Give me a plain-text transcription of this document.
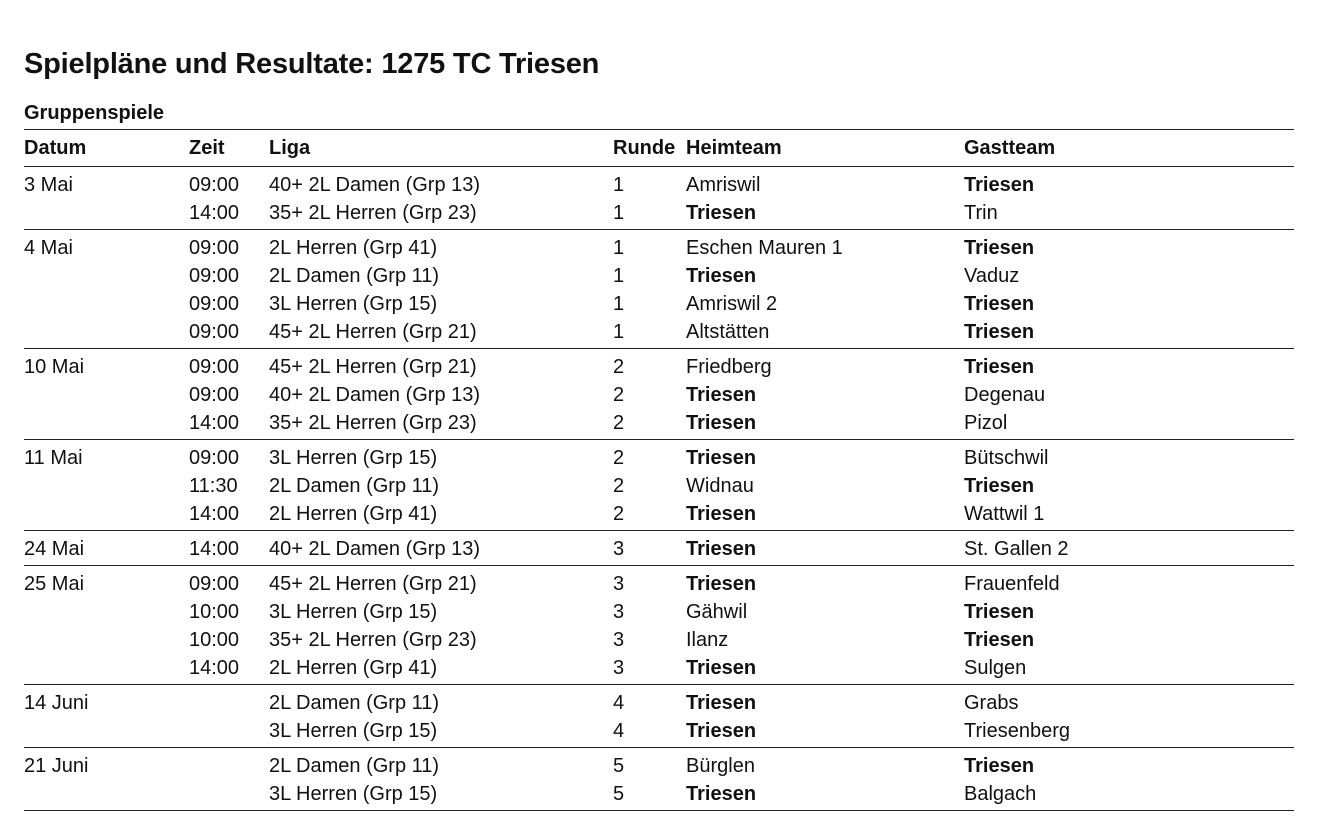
Spielpläne und Resultate: 1275 TC Triesen
Gruppenspiele
Datum	Zeit Liga	Runde Heimteam	Gastteam
3 Mai	09:00 40+ 2L Damen (Grp 13)	1	Amriswil	Triesen
14:00 35+ 2L Herren (Grp 23)	1	Triesen	Trin
4 Mai	09:00 2L Herren (Grp 41)	1	Eschen Mauren 1	Triesen
09:00 2L Damen (Grp 11)	1	Triesen	Vaduz
09:00 3L Herren (Grp 15)	1	Amriswil 2	Triesen
09:00 45+ 2L Herren (Grp 21)	1	Altstätten	Triesen
10 Mai	09:00 45+ 2L Herren (Grp 21)	2	Friedberg	Triesen
09:00 40+ 2L Damen (Grp 13)	2	Triesen	Degenau
14:00 35+ 2L Herren (Grp 23)	2	Triesen	Pizol
11 Mai	09:00 3L Herren (Grp 15)	2	Triesen	Bütschwil
11:30 2L Damen (Grp 11)	2	Widnau	Triesen
14:00 2L Herren (Grp 41)	2	Triesen	Wattwil 1
24 Mai	14:00 40+ 2L Damen (Grp 13)	3	Triesen	St. Gallen 2
25 Mai	09:00 45+ 2L Herren (Grp 21)	3	Triesen	Frauenfeld
10:00 3L Herren (Grp 15)	3	Gähwil	Triesen
10:00 35+ 2L Herren (Grp 23)	3	Ilanz	Triesen
14:00 2L Herren (Grp 41)	3	Triesen	Sulgen
14 Juni	2L Damen (Grp 11)	4	Triesen	Grabs
3L Herren (Grp 15)	4	Triesen	Triesenberg
21 Juni	2L Damen (Grp 11)	5	Bürglen	Triesen
3L Herren (Grp 15)	5	Triesen	Balgach
